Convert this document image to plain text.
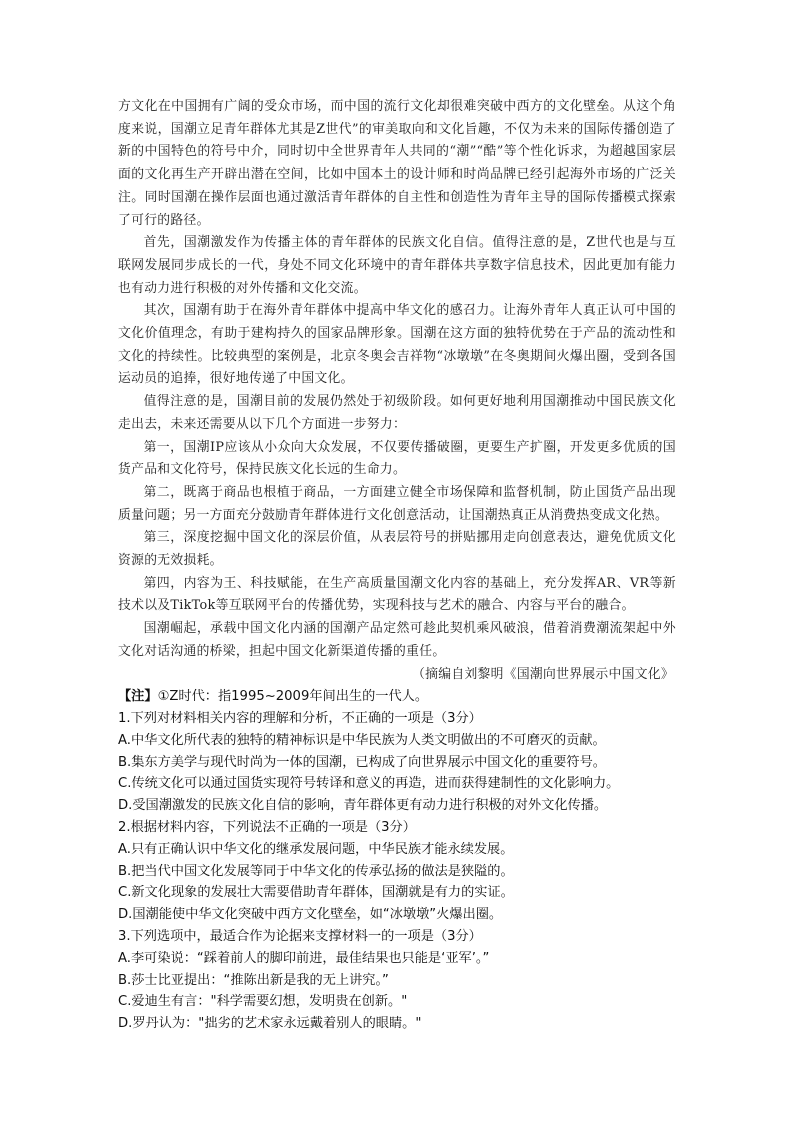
方文化在中国拥有广阔的受众市场，而中国的流行文化却很难突破中西方的文化壁垒。从这个角度来说，国潮立足青年群体尤其是Z世代”的审美取向和文化旨趣，不仅为未来的国际传播创造了新的中国特色的符号中介，同时切中全世界青年人共同的“潮”“酷”等个性化诉求，为超越国家层面的文化再生产开辟出潜在空间，比如中国本土的设计师和时尚品牌已经引起海外市场的广泛关注。同时国潮在操作层面也通过激活青年群体的自主性和创造性为青年主导的国际传播模式探索了可行的路径。

首先，国潮激发作为传播主体的青年群体的民族文化自信。值得注意的是，Z世代也是与互联网发展同步成长的一代，身处不同文化环境中的青年群体共享数字信息技术，因此更加有能力也有动力进行积极的对外传播和文化交流。

其次，国潮有助于在海外青年群体中提高中华文化的感召力。让海外青年人真正认可中国的文化价值理念，有助于建构持久的国家品牌形象。国潮在这方面的独特优势在于产品的流动性和文化的持续性。比较典型的案例是，北京冬奥会吉祥物“冰墩墩”在冬奥期间火爆出圈，受到各国运动员的追捧，很好地传递了中国文化。

值得注意的是，国潮目前的发展仍然处于初级阶段。如何更好地利用国潮推动中国民族文化走出去，未来还需要从以下几个方面进一步努力：

第一，国潮IP应该从小众向大众发展，不仅要传播破圈，更要生产扩圈，开发更多优质的国货产品和文化符号，保持民族文化长远的生命力。

第二，既离于商品也根植于商品，一方面建立健全市场保障和监督机制，防止国货产品出现质量问题；另一方面充分鼓励青年群体进行文化创意活动，让国潮热真正从消费热变成文化热。

第三，深度挖掘中国文化的深层价值，从表层符号的拼贴挪用走向创意表达，避免优质文化资源的无效损耗。

第四，内容为王、科技赋能，在生产高质量国潮文化内容的基础上，充分发挥AR、VR等新技术以及TikTok等互联网平台的传播优势，实现科技与艺术的融合、内容与平台的融合。

国潮崛起，承载中国文化内涵的国潮产品定然可趁此契机乘风破浪，借着消费潮流架起中外文化对话沟通的桥梁，担起中国文化新渠道传播的重任。

（摘编自刘黎明《国潮向世界展示中国文化》

【注】①Z时代：指1995~2009年间出生的一代人。

1.下列对材料相关内容的理解和分析，不正确的一项是（3分）

A.中华文化所代表的独特的精神标识是中华民族为人类文明做出的不可磨灭的贡献。

B.集东方美学与现代时尚为一体的国潮，已构成了向世界展示中国文化的重要符号。

C.传统文化可以通过国货实现符号转译和意义的再造，进而获得建制性的文化影响力。

D.受国潮激发的民族文化自信的影响，青年群体更有动力进行积极的对外文化传播。

2.根据材料内容，下列说法不正确的一项是（3分）

A.只有正确认识中华文化的继承发展问题，中华民族才能永续发展。

B.把当代中国文化发展等同于中华文化的传承弘扬的做法是狭隘的。

C.新文化现象的发展壮大需要借助青年群体，国潮就是有力的实证。

D.国潮能使中华文化突破中西方文化壁垒，如“冰墩墩”火爆出圈。

3.下列选项中，最适合作为论据来支撑材料一的一项是（3分）

A.李可染说：“踩着前人的脚印前进，最佳结果也只能是‘亚军’。”

B.莎士比亚提出：“推陈出新是我的无上讲究。”

C.爱迪生有言："科学需要幻想，发明贵在创新。"

D.罗丹认为："拙劣的艺术家永远戴着别人的眼睛。"
